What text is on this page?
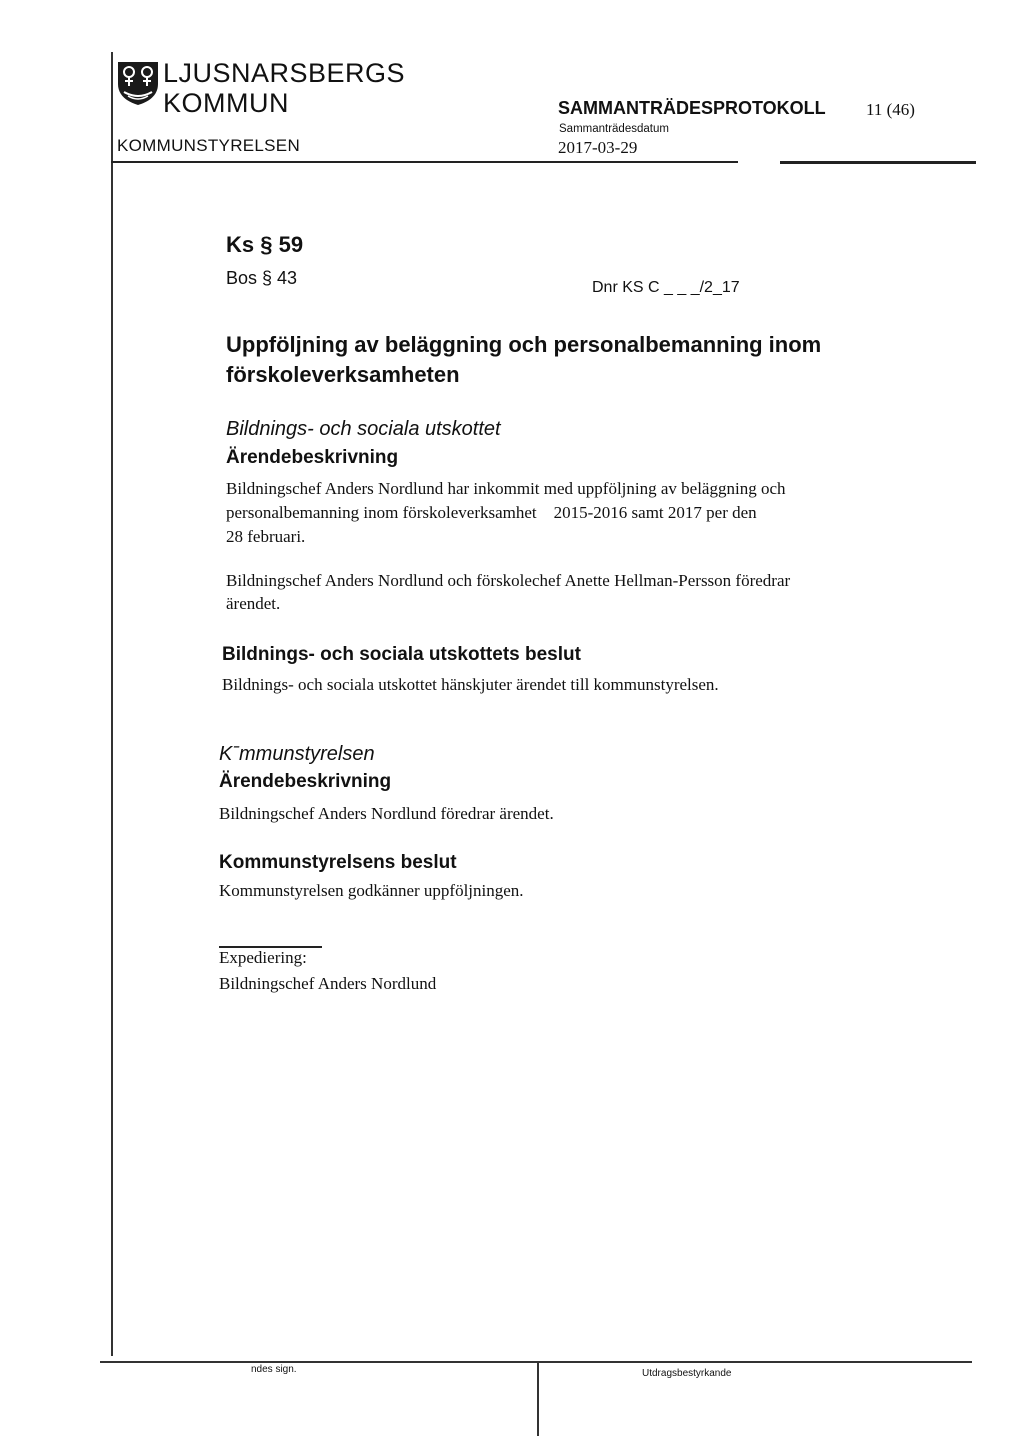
LJUSNARSBERGS
KOMMUN
KOMMUNSTYRELSEN
SAMMANTRÄDESPROTOKOLL
Sammanträdesdatum
2017-03-29
11 (46)
Ks § 59
Bos § 43	Dnr KS C _ _ _/2_17
Uppföljning av beläggning och personalbemanning inom
förskoleverksamheten
Bildnings- och sociala utskottet
Ärendebeskrivning
Bildningschef Anders Nordlund har inkommit med uppföljning av beläggning och
personalbemanning inom förskoleverksamhet    2015-2016 samt 2017 per den
28 februari.
Bildningschef Anders Nordlund och förskolechef Anette Hellman-Persson föredrar
ärendet.
Bildnings- och sociala utskottets beslut
Bildnings- och sociala utskottet hänskjuter ärendet till kommunstyrelsen.
Kˉmmunstyrelsen
Ärendebeskrivning
Bildningschef Anders Nordlund föredrar ärendet.
Kommunstyrelsens beslut
Kommunstyrelsen godkänner uppföljningen.
Expediering:
Bildningschef Anders Nordlund
ndes sign.	Utdragsbestyrkande
